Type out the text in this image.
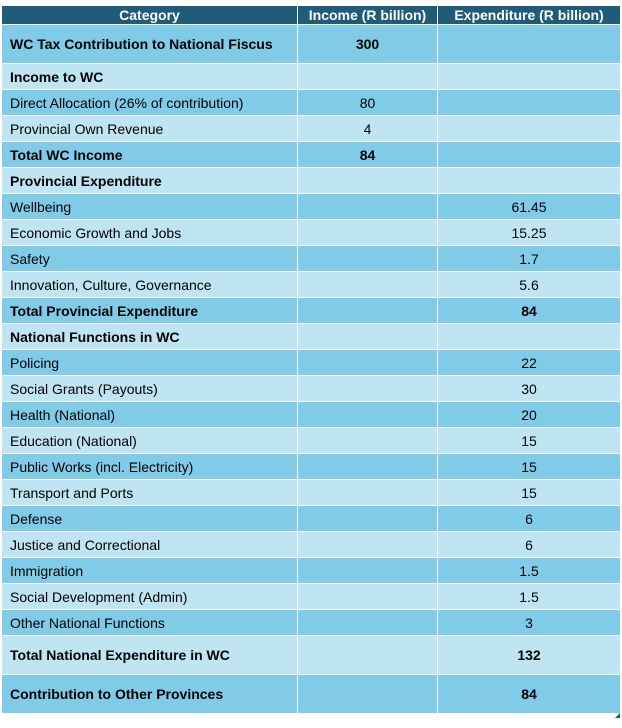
Category	Income (R billion)	Expenditure (R billion)
WC Tax Contribution to National Fiscus	300	
Income to WC		
Direct Allocation (26% of contribution)	80	
Provincial Own Revenue	4	
Total WC Income	84	
Provincial Expenditure		
Wellbeing		61.45
Economic Growth and Jobs		15.25
Safety		1.7
Innovation, Culture, Governance		5.6
Total Provincial Expenditure		84
National Functions in WC		
Policing		22
Social Grants (Payouts)		30
Health (National)		20
Education (National)		15
Public Works (incl. Electricity)		15
Transport and Ports		15
Defense		6
Justice and Correctional		6
Immigration		1.5
Social Development (Admin)		1.5
Other National Functions		3
Total National Expenditure in WC		132
Contribution to Other Provinces		84
